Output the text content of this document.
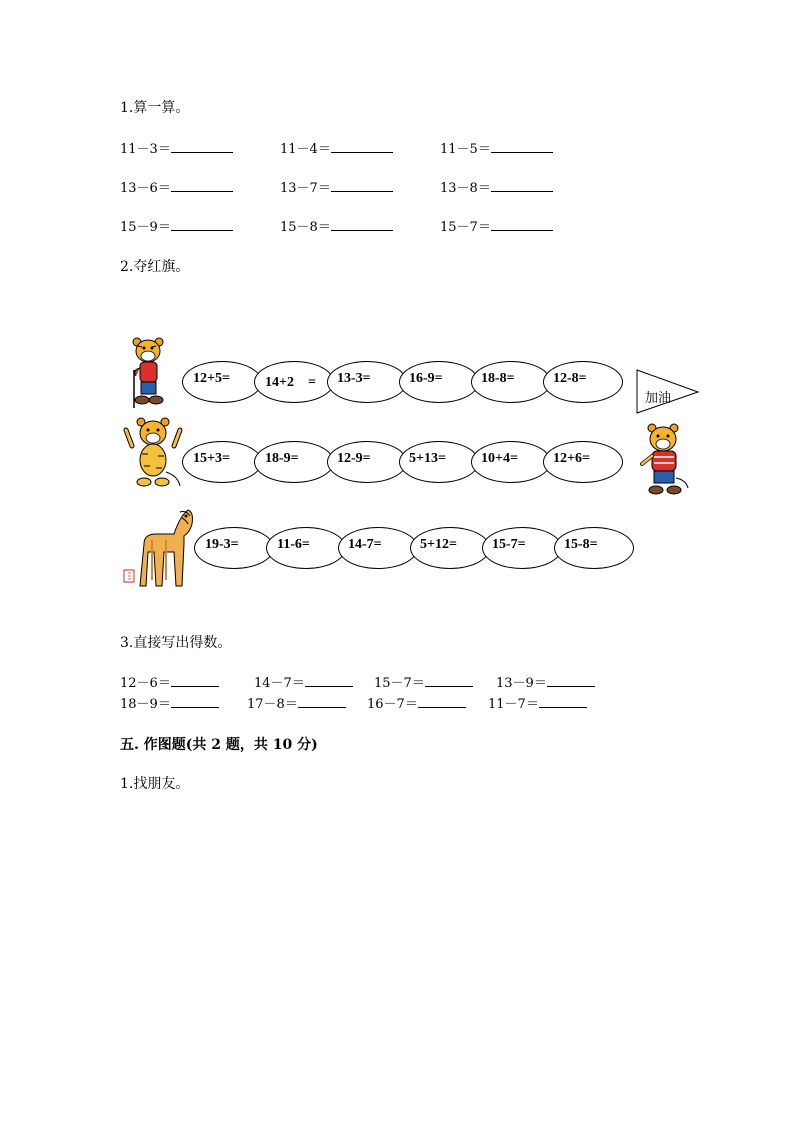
1.算一算。
11－3＝	11－4＝	11－5＝
13－6＝	13－7＝	13－8＝
15－9＝	15－8＝	15－7＝
2.夺红旗。
12+5=	14+2　= 13-3=	16-9=	18-8=	12-8=
15+3=	18-9=	12-9=	5+13=	10+4=	12+6=
19-3=	11-6=	14-7=	5+12=	15-7=	15-8=
加油
3.直接写出得数。
12－6＝	14－7＝	15－7＝	13－9＝
18－9＝	17－8＝	16－7＝	11－7＝
五. 作图题(共 2 题，共 10 分)
1.找朋友。
